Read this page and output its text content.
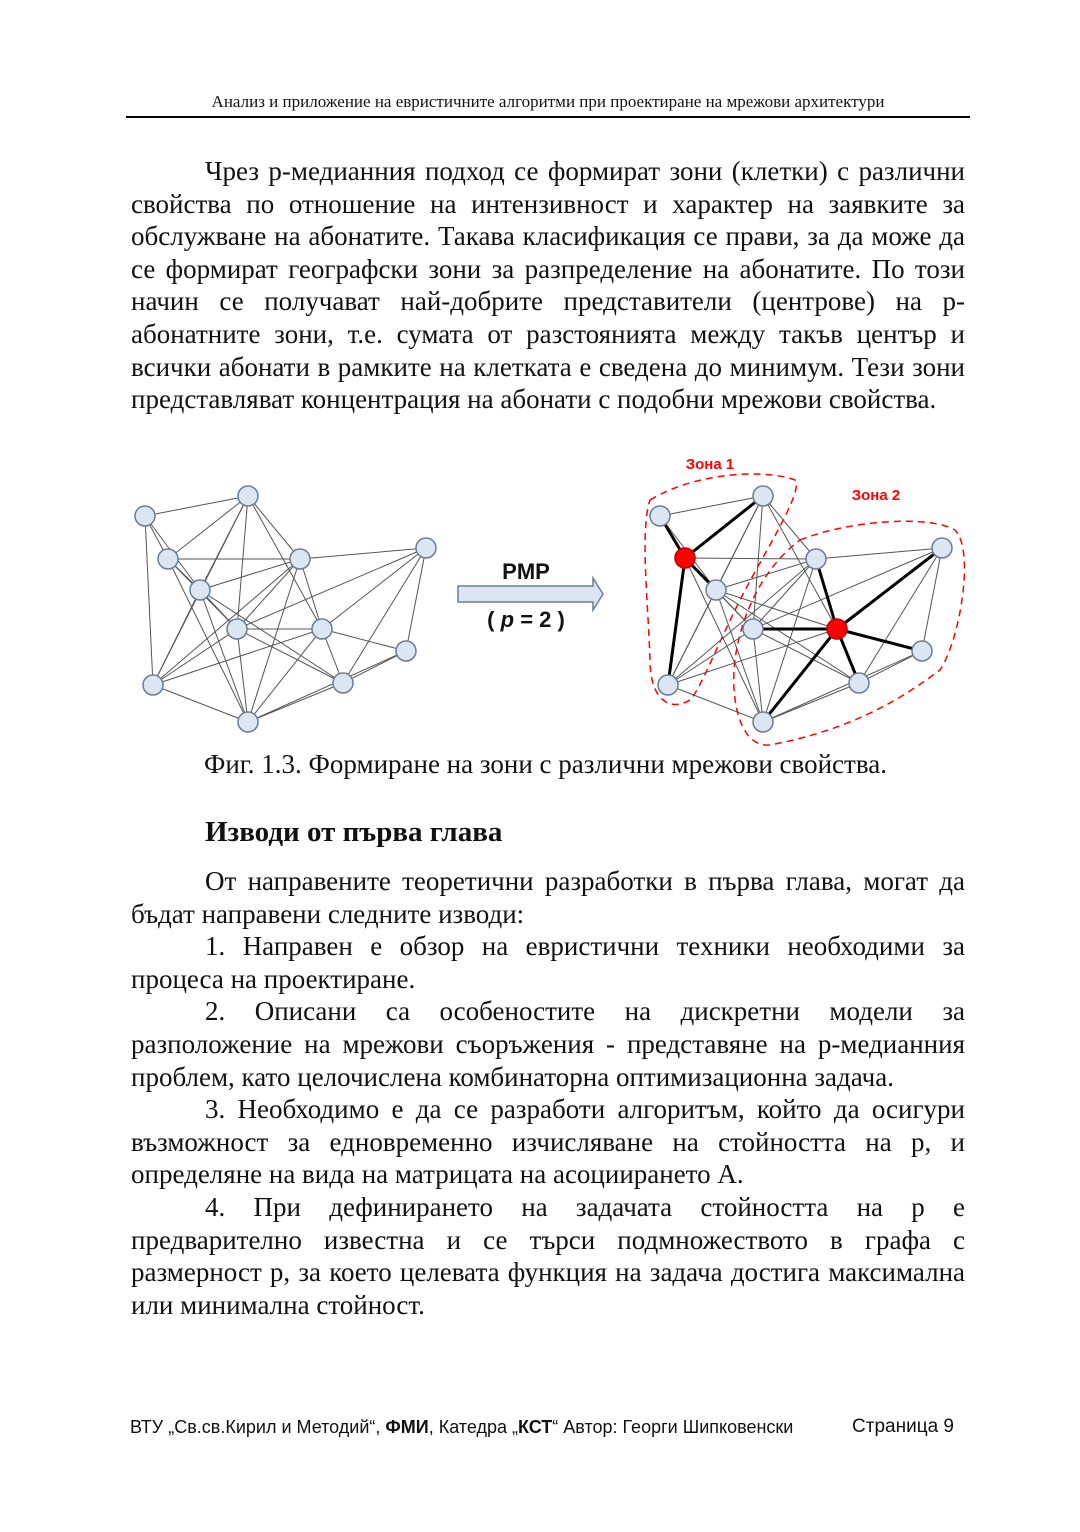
Анализ и приложение на евристичните алгоритми при проектиране на мрежови архитектури

Чрез p-медианния подход се формират зони (клетки) с различни свойства по отношение на интензивност и характер на заявките за обслужване на абонатите. Такава класификация се прави, за да може да се формират географски зони за разпределение на абонатите. По този начин се получават най-добрите представители (центрове) на p-абонатните зони, т.е. сумата от разстоянията между такъв център и всички абонати в рамките на клетката е сведена до минимум. Тези зони представляват концентрация на абонати с подобни мрежови свойства.

PMP
( p = 2 )
Зона 1
Зона 2
Фиг. 1.3. Формиране на зони с различни мрежови свойства.
Изводи от първа глава

От направените теоретични разработки в първа глава, могат да бъдат направени следните изводи:

1. Направен е обзор на евристични техники необходими за процеса на проектиране.

2. Описани са особеностите на дискретни модели за разположение на мрежови съоръжения - представяне на p-медианния проблем, като целочислена комбинаторна оптимизационна задача.

3. Необходимо е да се разработи алгоритъм, който да осигури възможност за едновременно изчисляване на стойността на p, и определяне на вида на матрицата на асоциирането A.

4. При дефинирането на задачата стойността на p е предварително известна и се търси подмножеството в графа с размерност p, за което целевата функция на задача достига максимална или минимална стойност.

ВТУ „Св.св.Кирил и Методий“, ФМИ, Катедра „КСТ“ Автор: Георги Шипковенски	Страница 9
